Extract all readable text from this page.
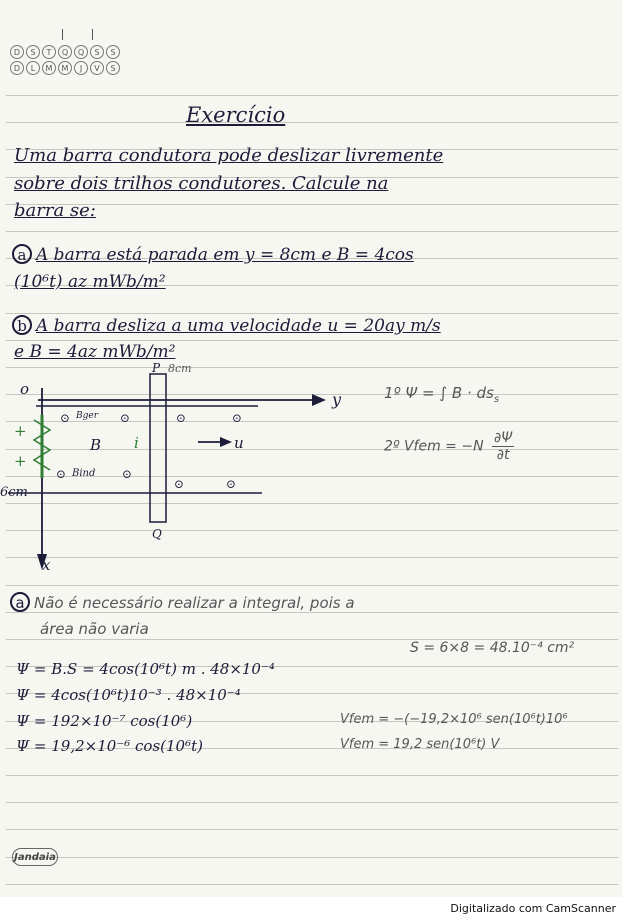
D	S	T	Q	Q	S	S
D	L	M	M	J	V	S
Exercício
Uma barra condutora pode deslizar livremente
sobre dois trilhos condutores. Calcule na
barra se:
a A barra está parada em y = 8cm e B = 4cos
(10⁶t) az mWb/m²
b A barra desliza a uma velocidade u = 20ay m/s
e B = 4az mWb/m²
+
+
o
P 8cm
y
⊙ Bger ⊙	⊙	⊙
B i	u
⊙ Bind ⊙
⊙	⊙
6cm
Q
x
1º Ψ = ∫ $B \cdot ds_s$
2º Vfem = $-N \frac{\partial\Psi}{\partial t}$
a Não é necessário realizar a integral, pois a
área não varia
S = 6×8 = 48.10⁻⁴ cm²
Ψ = B.S = 4cos(10⁶t) m . 48×10⁻⁴
Ψ = 4cos(10⁶t)10⁻³ . 48×10⁻⁴
Ψ = 192×10⁻⁷ cos(10⁶)
Ψ = 19,2×10⁻⁶ cos(10⁶t)
Vfem = −(−19,2×10⁶ sen(10⁶t)10⁶
Vfem = 19,2 sen(10⁶t) V
Jandaia
Digitalizado com CamScanner
